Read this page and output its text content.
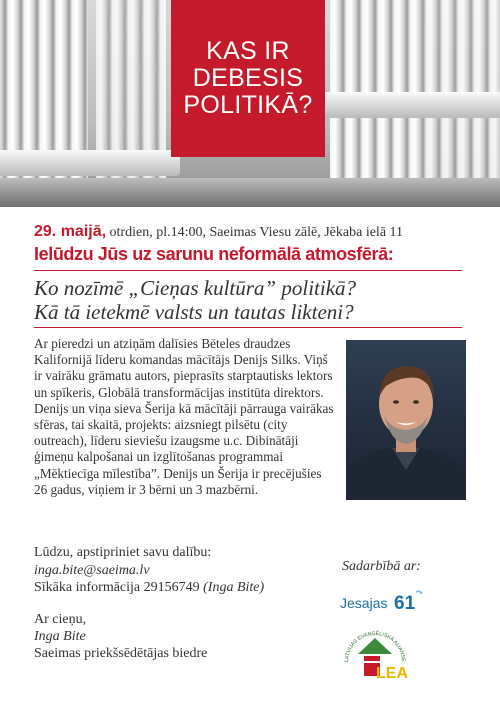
KAS IR
DEBESIS
POLITIKĀ?
29. maijā, otrdien, pl.14:00, Saeimas Viesu zālē, Jēkaba ielā 11
Ielūdzu Jūs uz sarunu neformālā atmosfērā:
Ko nozīmē „Cieņas kultūra” politikā?
Kā tā ietekmē valsts un tautas likteni?
Ar pieredzi un atziņām dalīsies Bēteles draudzes Kalifornijā līderu komandas mācītājs Denijs Silks. Viņš ir vairāku grāmatu autors, pieprasīts starptautisks lektors un spīkeris, Globālā transformācijas institūta direktors. Denijs un viņa sieva Šerija kā mācītāji pārrauga vairākas sfēras, tai skaitā, projekts: aizsniegt pilsētu (city outreach), līderu sieviešu izaugsme u.c. Dibinātāji ģimeņu kalpošanai un izglītošanas programmai „Mēktiecīga mīlestība”. Denijs un Šerija ir precējušies 26 gadus, viņiem ir 3 bērni un 3 mazbērni.
Lūdzu, apstipriniet savu dalību:
inga.bite@saeima.lv
Sīkāka informācija 29156749 (Inga Bite)
Ar cieņu,
Inga Bite
Saeimas priekšsēdētājas biedre
Sadarbībā ar:
Jesajas 61
LATVIJAS EVAŅĢĒLISKĀ ALIANSE
LEA
